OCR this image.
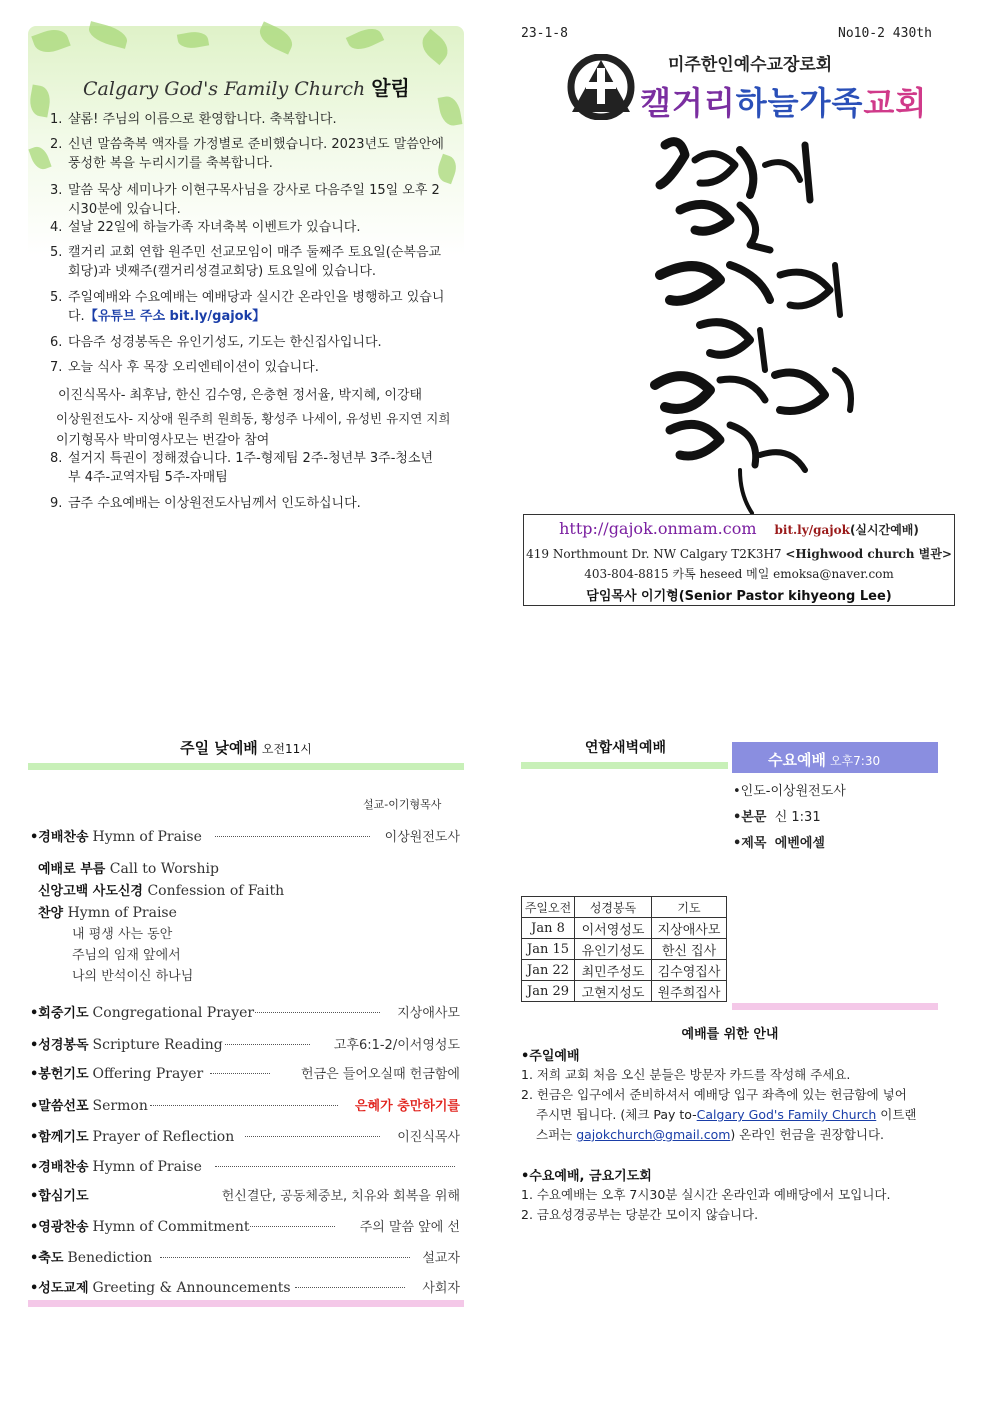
Calgary God's Family Church 알림
1. 샬롬! 주님의 이름으로 환영합니다. 축복합니다.
2. 신년 말씀축복 액자를 가정별로 준비했습니다. 2023년도 말씀안에 풍성한 복을 누리시기를 축복합니다.
3. 말씀 묵상 세미나가 이현구목사님을 강사로 다음주일 15일 오후 2시30분에 있습니다.
4. 설날 22일에 하늘가족 자녀축복 이벤트가 있습니다.
5. 캘거리 교회 연합 원주민 선교모임이 매주 둘째주 토요일(순복음교회당)과 넷째주(캘거리성결교회당) 토요일에 있습니다.
5. 주일예배와 수요예배는 예배당과 실시간 온라인을 병행하고 있습니다.【유튜브 주소 bit.ly/gajok】
6. 다음주 성경봉독은 유인기성도, 기도는 한신집사입니다.
7. 오늘 식사 후 목장 오리엔테이션이 있습니다.
8. 설거지 특권이 정해졌습니다. 1주-형제팀 2주-청년부 3주-청소년부 4주-교역자팀 5주-자매팀
9. 금주 수요예배는 이상원전도사님께서 인도하십니다.
이진식목사- 최후남, 한신 김수영, 은충현 정서율, 박지혜, 이강태
이상원전도사- 지상애 원주희 원희동, 황성주 나세이, 유성빈 유지연 지희
이기형목사 박미영사모는 번갈아 참여
23-1-8	No10-2 430th
미주한인예수교장로회
캘거리하늘가족교회
http://gajok.onmam.com bit.ly/gajok(실시간예배)
419 Northmount Dr. NW Calgary T2K3H7 <Highwood church 별관>
403-804-8815 카톡 heseed 메일 emoksa@naver.com
담임목사 이기형(Senior Pastor kihyeong Lee)
주일 낮예배 오전11시
설교-이기형목사
•경배찬송 Hymn of Praise	이상원전도사
예배로 부름 Call to Worship
신앙고백 사도신경 Confession of Faith
찬양 Hymn of Praise
내 평생 사는 동안
주님의 임재 앞에서
나의 반석이신 하나님
•회중기도 Congregational Prayer	지상애사모
•성경봉독 Scripture Reading	고후6:1-2/이서영성도
•봉헌기도 Offering Prayer	헌금은 들어오실때 헌금함에
•말씀선포 Sermon	은혜가 충만하기를
•함께기도 Prayer of Reflection	이진식목사
•경배찬송 Hymn of Praise
•합심기도	헌신결단, 공동체중보, 치유와 회복을 위해
•영광찬송 Hymn of Commitment	주의 말씀 앞에 선
•축도 Benediction	설교자
•성도교제 Greeting & Announcements	사회자
연합새벽예배
주일오전	성경봉독	기도
Jan 8	이서영성도	지상애사모
Jan 15	유인기성도	한신 집사
Jan 22	최민주성도	김수영집사
Jan 29	고현지성도	원주희집사
수요예배 오후7:30
•인도-이상원전도사
•본문 신 1:31
•제목 에벤에셀
예배를 위한 안내
•주일예배
1. 저희 교회 처음 오신 분들은 방문자 카드를 작성해 주세요.
2. 헌금은 입구에서 준비하셔서 예배당 입구 좌측에 있는 헌금함에 넣어
주시면 됩니다. (체크 Pay to-Calgary God's Family Church 이트랜
스퍼는 gajokchurch@gmail.com) 온라인 헌금을 권장합니다.
•수요예배, 금요기도회
1. 수요예배는 오후 7시30분 실시간 온라인과 예배당에서 모입니다.
2. 금요성경공부는 당분간 모이지 않습니다.
